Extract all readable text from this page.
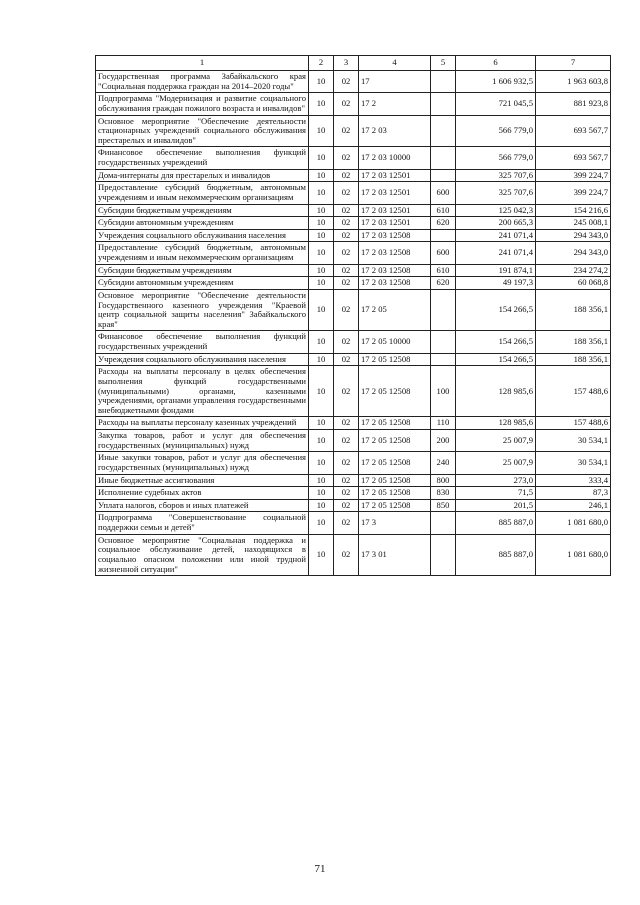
1	2	3	4	5	6	7
Государственная программа Забайкальского края "Социальная поддержка граждан на 2014–2020 годы"	10	02	17		1 606 932,5	1 963 603,8
Подпрограмма "Модернизация и развитие социального обслуживания граждан пожилого возраста и инвалидов"	10	02	17 2		721 045,5	881 923,8
Основное мероприятие "Обеспечение деятельности стационарных учреждений социального обслуживания престарелых и инвалидов"	10	02	17 2 03		566 779,0	693 567,7
Финансовое обеспечение выполнения функций государственных учреждений	10	02	17 2 03 10000		566 779,0	693 567,7
Дома-интернаты для престарелых и инвалидов	10	02	17 2 03 12501		325 707,6	399 224,7
Предоставление субсидий бюджетным, автономным учреждениям и иным некоммерческим организациям	10	02	17 2 03 12501	600	325 707,6	399 224,7
Субсидии бюджетным учреждениям	10	02	17 2 03 12501	610	125 042,3	154 216,6
Субсидии автономным учреждениям	10	02	17 2 03 12501	620	200 665,3	245 008,1
Учреждения социального обслуживания населения	10	02	17 2 03 12508		241 071,4	294 343,0
Предоставление субсидий бюджетным, автономным учреждениям и иным некоммерческим организациям	10	02	17 2 03 12508	600	241 071,4	294 343,0
Субсидии бюджетным учреждениям	10	02	17 2 03 12508	610	191 874,1	234 274,2
Субсидии автономным учреждениям	10	02	17 2 03 12508	620	49 197,3	60 068,8
Основное мероприятие "Обеспечение деятельности Государственного казенного учреждения "Краевой центр социальной защиты населения" Забайкальского края"	10	02	17 2 05		154 266,5	188 356,1
Финансовое обеспечение выполнения функций государственных учреждений	10	02	17 2 05 10000		154 266,5	188 356,1
Учреждения социального обслуживания населения	10	02	17 2 05 12508		154 266,5	188 356,1
Расходы на выплаты персоналу в целях обеспечения выполнения функций государственными (муниципальными) органами, казенными учреждениями, органами управления государственными внебюджетными фондами	10	02	17 2 05 12508	100	128 985,6	157 488,6
Расходы на выплаты персоналу казенных учреждений	10	02	17 2 05 12508	110	128 985,6	157 488,6
Закупка товаров, работ и услуг для обеспечения государственных (муниципальных) нужд	10	02	17 2 05 12508	200	25 007,9	30 534,1
Иные закупки товаров, работ и услуг для обеспечения государственных (муниципальных) нужд	10	02	17 2 05 12508	240	25 007,9	30 534,1
Иные бюджетные ассигнования	10	02	17 2 05 12508	800	273,0	333,4
Исполнение судебных актов	10	02	17 2 05 12508	830	71,5	87,3
Уплата налогов, сборов и иных платежей	10	02	17 2 05 12508	850	201,5	246,1
Подпрограмма "Совершенствование социальной поддержки семьи и детей"	10	02	17 3		885 887,0	1 081 680,0
Основное мероприятие "Социальная поддержка и социальное обслуживание детей, находящихся в социально опасном положении или иной трудной жизненной ситуации"	10	02	17 3 01		885 887,0	1 081 680,0
71
